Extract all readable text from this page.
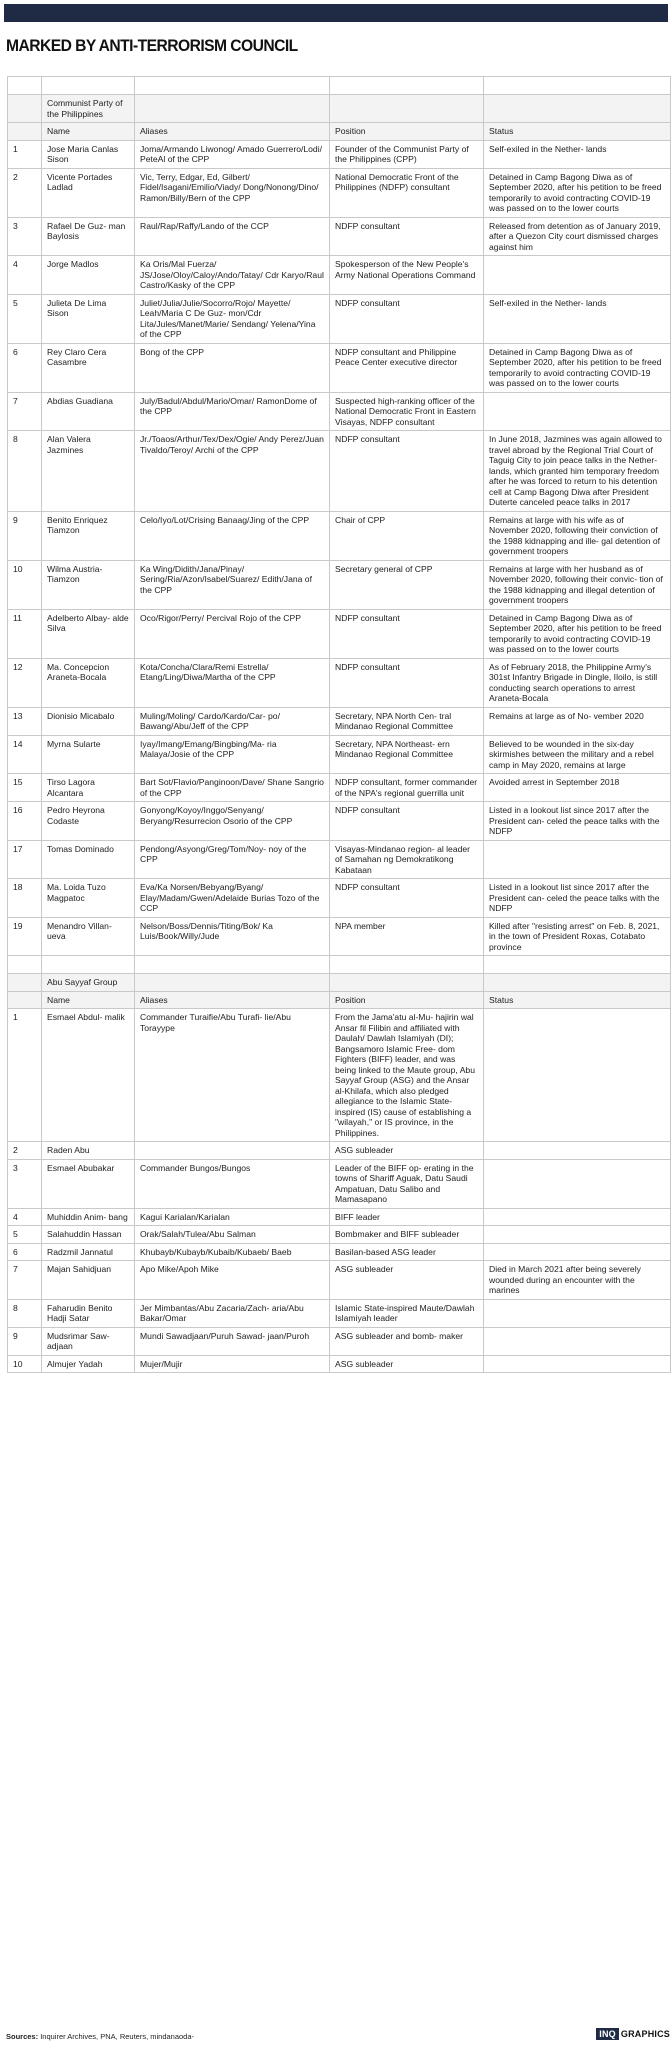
MARKED BY ANTI-TERRORISM COUNCIL

	Communist Party of the Philippines			
	Name	Aliases	Position	Status
1	Jose Maria Canlas Sison	Joma/Armando Liwonog/ Amado Guerrero/Lodi/ PeteAl of the CPP	Founder of the Communist Party of the Philippines (CPP)	Self-exiled in the Nether- lands
2	Vicente Portades Ladlad	Vic, Terry, Edgar, Ed, Gilbert/ Fidel/Isagani/Emilio/Viady/ Dong/Nonong/Dino/ Ramon/Billy/Bern of the CPP	National Democratic Front of the Philippines (NDFP) consultant	Detained in Camp Bagong Diwa as of September 2020, after his petition to be freed temporarily to avoid contracting COVID-19 was passed on to the lower courts
3	Rafael De Guz- man Baylosis	Raul/Rap/Raffy/Lando of the CCP	NDFP consultant	Released from detention as of January 2019, after a Quezon City court dismissed charges against him
4	Jorge Madlos	Ka Oris/Mal Fuerza/ JS/Jose/Oloy/Caloy/Ando/Tatay/ Cdr Karyo/Raul Castro/Kasky of the CPP	Spokesperson of the New People's Army National Operations Command	
5	Julieta De Lima Sison	Juliet/Julia/Julie/Socorro/Rojo/ Mayette/ Leah/Maria C De Guz- mon/Cdr Lita/Jules/Manet/Marie/ Sendang/ Yelena/Yina of the CPP	NDFP consultant	Self-exiled in the Nether- lands
6	Rey Claro Cera Casambre	Bong of the CPP	NDFP consultant and Philippine Peace Center executive director	Detained in Camp Bagong Diwa as of September 2020, after his petition to be freed temporarily to avoid contracting COVID-19 was passed on to the lower courts
7	Abdias Guadiana	July/Badul/Abdul/Mario/Omar/ RamonDome of the CPP	Suspected high-ranking officer of the National Democratic Front in Eastern Visayas, NDFP consultant	
8	Alan Valera Jazmines	Jr./Toaos/Arthur/Tex/Dex/Ogie/ Andy Perez/Juan Tivaldo/Teroy/ Archi of the CPP	NDFP consultant	In June 2018, Jazmines was again allowed to travel abroad by the Regional Trial Court of Taguig City to join peace talks in the Nether- lands, which granted him temporary freedom after he was forced to return to his detention cell at Camp Bagong Diwa after President Duterte canceled peace talks in 2017
9	Benito Enriquez Tiamzon	Celo/Iyo/Lot/Crising Banaag/Jing of the CPP	Chair of CPP	Remains at large with his wife as of November 2020, following their conviction of the 1988 kidnapping and ille- gal detention of government troopers
10	Wilma Austria-Tiamzon	Ka Wing/Didith/Jana/Pinay/ Sering/Ria/Azon/Isabel/Suarez/ Edith/Jana of the CPP	Secretary general of CPP	Remains at large with her husband as of November 2020, following their convic- tion of the 1988 kidnapping and illegal detention of government troopers
11	Adelberto Albay- alde Silva	Oco/Rigor/Perry/ Percival Rojo of the CPP	NDFP consultant	Detained in Camp Bagong Diwa as of September 2020, after his petition to be freed temporarily to avoid contracting COVID-19 was passed on to the lower courts
12	Ma. Concepcion Araneta-Bocala	Kota/Concha/Clara/Remi Estrella/ Etang/Ling/Diwa/Martha of the CPP	NDFP consultant	As of February 2018, the Philippine Army's 301st Infantry Brigade in Dingle, Iloilo, is still conducting search operations to arrest Araneta-Bocala
13	Dionisio Micabalo	Muling/Moling/ Cardo/Kardo/Car- po/ Bawang/Abu/Jeff of the CPP	Secretary, NPA North Cen- tral Mindanao Regional Committee	Remains at large as of No- vember 2020
14	Myrna Sularte	Iyay/Imang/Emang/Bingbing/Ma- ria Malaya/Josie of the CPP	Secretary, NPA Northeast- ern Mindanao Regional Committee	Believed to be wounded in the six-day skirmishes between the military and a rebel camp in May 2020, remains at large
15	Tirso Lagora Alcantara	Bart Sot/Flavio/Panginoon/Dave/ Shane Sangrio of the CPP	NDFP consultant, former commander of the NPA's regional guerrilla unit	Avoided arrest in September 2018
16	Pedro Heyrona Codaste	Gonyong/Koyoy/Inggo/Senyang/ Beryang/Resurrecion Osorio of the CPP	NDFP consultant	Listed in a lookout list since 2017 after the President can- celed the peace talks with the NDFP
17	Tomas Dominado	Pendong/Asyong/Greg/Tom/Noy- noy of the CPP	Visayas-Mindanao region- al leader of Samahan ng Demokratikong Kabataan	
18	Ma. Loida Tuzo Magpatoc	Eva/Ka Norsen/Bebyang/Byang/ Elay/Madam/Gwen/Adelaide Burias Tozo of the CCP	NDFP consultant	Listed in a lookout list since 2017 after the President can- celed the peace talks with the NDFP
19	Menandro Villan- ueva	Nelson/Boss/Dennis/Titing/Bok/ Ka Luis/Book/Willy/Jude	NPA member	Killed after "resisting arrest" on Feb. 8, 2021, in the town of President Roxas, Cotabato province

	Abu Sayyaf Group			
	Name	Aliases	Position	Status
1	Esmael Abdul- malik	Commander Turaifie/Abu Turafi- lie/Abu Torayype	From the Jama'atu al-Mu- hajirin wal Ansar fil Filibin and affiliated with Daulah/ Dawlah Islamiyah (DI); Bangsamoro Islamic Free- dom Fighters (BIFF) leader, and was being linked to the Maute group, Abu Sayyaf Group (ASG) and the Ansar al-Khilafa, which also pledged allegiance to the Islamic State-inspired (IS) cause of establishing a "wilayah," or IS province, in the Philippines.	
2	Raden Abu		ASG subleader	
3	Esmael Abubakar	Commander Bungos/Bungos	Leader of the BIFF op- erating in the towns of Shariff Aguak, Datu Saudi Ampatuan, Datu Salibo and Mamasapano	
4	Muhiddin Anim- bang	Kagui Karialan/Karialan	BIFF leader	
5	Salahuddin Hassan	Orak/Salah/Tulea/Abu Salman	Bombmaker and BIFF subleader	
6	Radzmil Jannatul	Khubayb/Kubayb/Kubaib/Kubaeb/ Baeb	Basilan-based ASG leader	
7	Majan Sahidjuan	Apo Mike/Apoh Mike	ASG subleader	Died in March 2021 after being severely wounded during an encounter with the marines
8	Faharudin Benito Hadji Satar	Jer Mimbantas/Abu Zacaria/Zach- aria/Abu Bakar/Omar	Islamic State-inspired Maute/Dawlah Islamiyah leader	
9	Mudsrimar Saw- adjaan	Mundi Sawadjaan/Puruh Sawad- jaan/Puroh	ASG subleader and bomb- maker	
10	Almujer Yadah	Mujer/Mujir	ASG subleader	
Sources: Inquirer Archives, PNA, Reuters, mindanaoda-	INQ GRAPHICS
